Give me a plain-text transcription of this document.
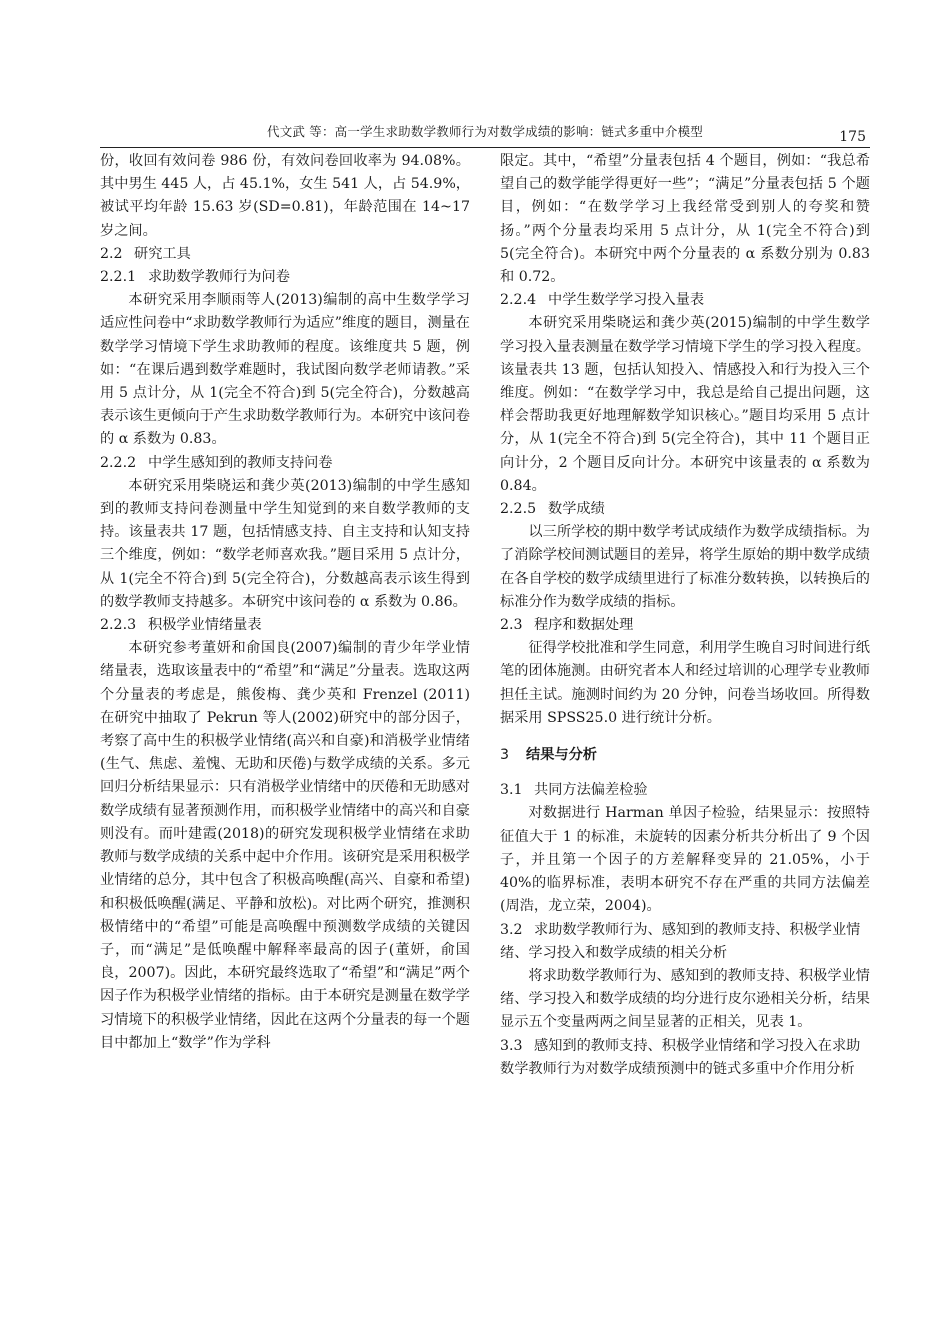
代文武 等：高一学生求助数学教师行为对数学成绩的影响：链式多重中介模型	175

份，收回有效问卷 986 份，有效问卷回收率为 94.08%。其中男生 445 人，占 45.1%，女生 541 人，占 54.9%，被试平均年龄 15.63 岁(SD=0.81)，年龄范围在 14~17 岁之间。

2.2 研究工具
2.2.1 求助数学教师行为问卷

本研究采用李顺雨等人(2013)编制的高中生数学学习适应性问卷中“求助数学教师行为适应”维度的题目，测量在数学学习情境下学生求助教师的程度。该维度共 5 题，例如：“在课后遇到数学难题时，我试图向数学老师请教。”采用 5 点计分，从 1(完全不符合)到 5(完全符合)，分数越高表示该生更倾向于产生求助数学教师行为。本研究中该问卷的 α 系数为 0.83。

2.2.2 中学生感知到的教师支持问卷

本研究采用柴晓运和龚少英(2013)编制的中学生感知到的教师支持问卷测量中学生知觉到的来自数学教师的支持。该量表共 17 题，包括情感支持、自主支持和认知支持三个维度，例如：“数学老师喜欢我。”题目采用 5 点计分，从 1(完全不符合)到 5(完全符合)，分数越高表示该生得到的数学教师支持越多。本研究中该问卷的 α 系数为 0.86。

2.2.3 积极学业情绪量表

本研究参考董妍和俞国良(2007)编制的青少年学业情绪量表，选取该量表中的“希望”和“满足”分量表。选取这两个分量表的考虑是，熊俊梅、龚少英和 Frenzel (2011) 在研究中抽取了 Pekrun 等人(2002)研究中的部分因子，考察了高中生的积极学业情绪(高兴和自豪)和消极学业情绪(生气、焦虑、羞愧、无助和厌倦)与数学成绩的关系。多元回归分析结果显示：只有消极学业情绪中的厌倦和无助感对数学成绩有显著预测作用，而积极学业情绪中的高兴和自豪则没有。而叶建霞(2018)的研究发现积极学业情绪在求助教师与数学成绩的关系中起中介作用。该研究是采用积极学业情绪的总分，其中包含了积极高唤醒(高兴、自豪和希望)和积极低唤醒(满足、平静和放松)。对比两个研究，推测积极情绪中的“希望”可能是高唤醒中预测数学成绩的关键因子，而“满足”是低唤醒中解释率最高的因子(董妍，俞国良，2007)。因此，本研究最终选取了“希望”和“满足”两个因子作为积极学业情绪的指标。由于本研究是测量在数学学习情境下的积极学业情绪，因此在这两个分量表的每一个题目中都加上“数学”作为学科

限定。其中，“希望”分量表包括 4 个题目，例如：“我总希望自己的数学能学得更好一些”；“满足”分量表包括 5 个题目，例如：“在数学学习上我经常受到别人的夸奖和赞扬。”两个分量表均采用 5 点计分，从 1(完全不符合)到 5(完全符合)。本研究中两个分量表的 α 系数分别为 0.83 和 0.72。

2.2.4 中学生数学学习投入量表

本研究采用柴晓运和龚少英(2015)编制的中学生数学学习投入量表测量在数学学习情境下学生的学习投入程度。该量表共 13 题，包括认知投入、情感投入和行为投入三个维度。例如：“在数学学习中，我总是给自己提出问题，这样会帮助我更好地理解数学知识核心。”题目均采用 5 点计分，从 1(完全不符合)到 5(完全符合)，其中 11 个题目正向计分，2 个题目反向计分。本研究中该量表的 α 系数为 0.84。

2.2.5 数学成绩

以三所学校的期中数学考试成绩作为数学成绩指标。为了消除学校间测试题目的差异，将学生原始的期中数学成绩在各自学校的数学成绩里进行了标准分数转换，以转换后的标准分作为数学成绩的指标。

2.3 程序和数据处理

征得学校批准和学生同意，利用学生晚自习时间进行纸笔的团体施测。由研究者本人和经过培训的心理学专业教师担任主试。施测时间约为 20 分钟，问卷当场收回。所得数据采用 SPSS25.0 进行统计分析。

3 结果与分析
3.1 共同方法偏差检验

对数据进行 Harman 单因子检验，结果显示：按照特征值大于 1 的标准，未旋转的因素分析共分析出了 9 个因子，并且第一个因子的方差解释变异的 21.05%，小于 40%的临界标准，表明本研究不存在严重的共同方法偏差(周浩，龙立荣，2004)。

3.2 求助数学教师行为、感知到的教师支持、积极学业情绪、学习投入和数学成绩的相关分析

将求助数学教师行为、感知到的教师支持、积极学业情绪、学习投入和数学成绩的均分进行皮尔逊相关分析，结果显示五个变量两两之间呈显著的正相关，见表 1。

3.3 感知到的教师支持、积极学业情绪和学习投入在求助数学教师行为对数学成绩预测中的链式多重中介作用分析
